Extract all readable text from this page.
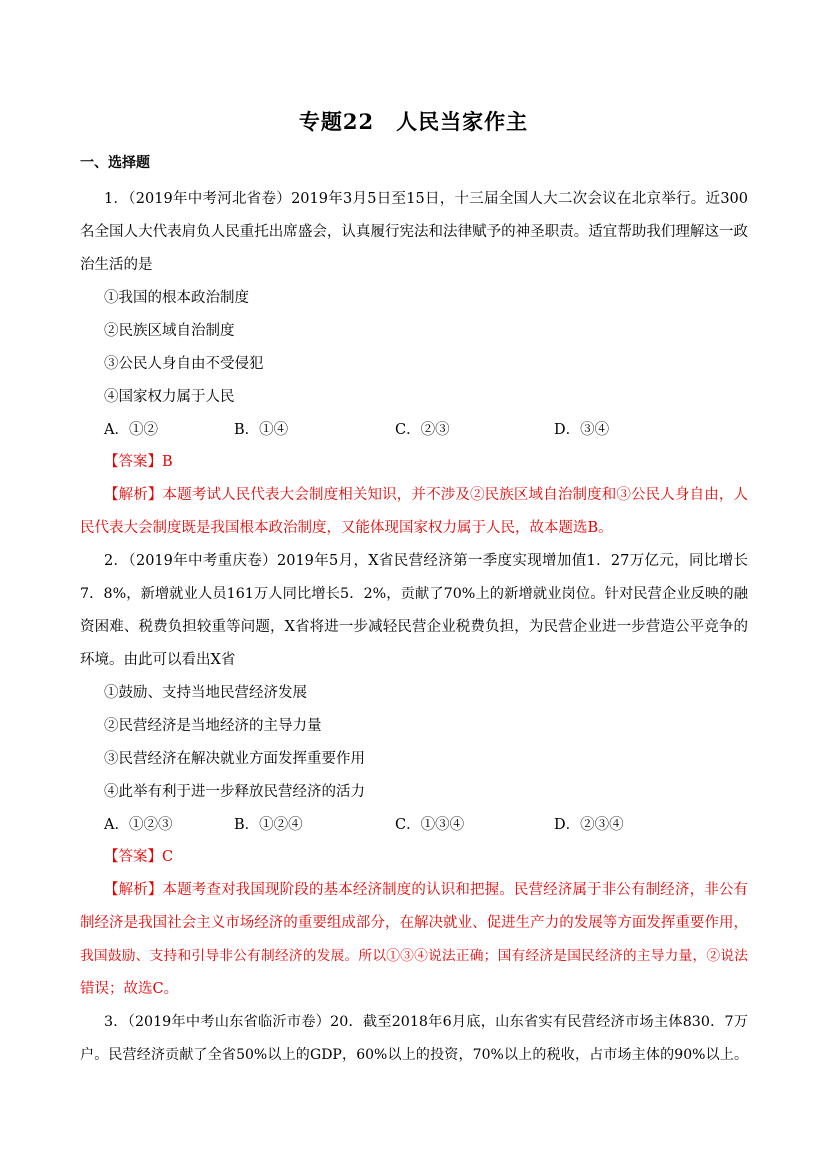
专题22　人民当家作主
一、选择题
1．（2019年中考河北省卷）2019年3月5日至15日，十三届全国人大二次会议在北京举行。近300
名全国人大代表肩负人民重托出席盛会，认真履行宪法和法律赋予的神圣职责。适宜帮助我们理解这一政
治生活的是
①我国的根本政治制度
②民族区域自治制度
③公民人身自由不受侵犯
④国家权力属于人民
A．①②	B．①④	C．②③	D．③④
【答案】B
【解析】本题考试人民代表大会制度相关知识，并不涉及②民族区域自治制度和③公民人身自由，人
民代表大会制度既是我国根本政治制度，又能体现国家权力属于人民，故本题选B。
2．（2019年中考重庆卷）2019年5月，X省民营经济第一季度实现增加值1．27万亿元，同比增长
7．8%，新增就业人员161万人同比增长5．2%，贡献了70%上的新增就业岗位。针对民营企业反映的融
资困难、税费负担较重等问题，X省将进一步减轻民营企业税费负担，为民营企业进一步营造公平竞争的
环境。由此可以看出X省
①鼓励、支持当地民营经济发展
②民营经济是当地经济的主导力量
③民营经济在解决就业方面发挥重要作用
④此举有利于进一步释放民营经济的活力
A．①②③	B．①②④	C．①③④	D．②③④
【答案】C
【解析】本题考查对我国现阶段的基本经济制度的认识和把握。民营经济属于非公有制经济，非公有
制经济是我国社会主义市场经济的重要组成部分，在解决就业、促进生产力的发展等方面发挥重要作用，
我国鼓励、支持和引导非公有制经济的发展。所以①③④说法正确；国有经济是国民经济的主导力量，②说法
错误；故选C。
3．（2019年中考山东省临沂市卷）20．截至2018年6月底，山东省实有民营经济市场主体830．7万
户。民营经济贡献了全省50%以上的GDP，60%以上的投资，70%以上的税收，占市场主体的90%以上。
